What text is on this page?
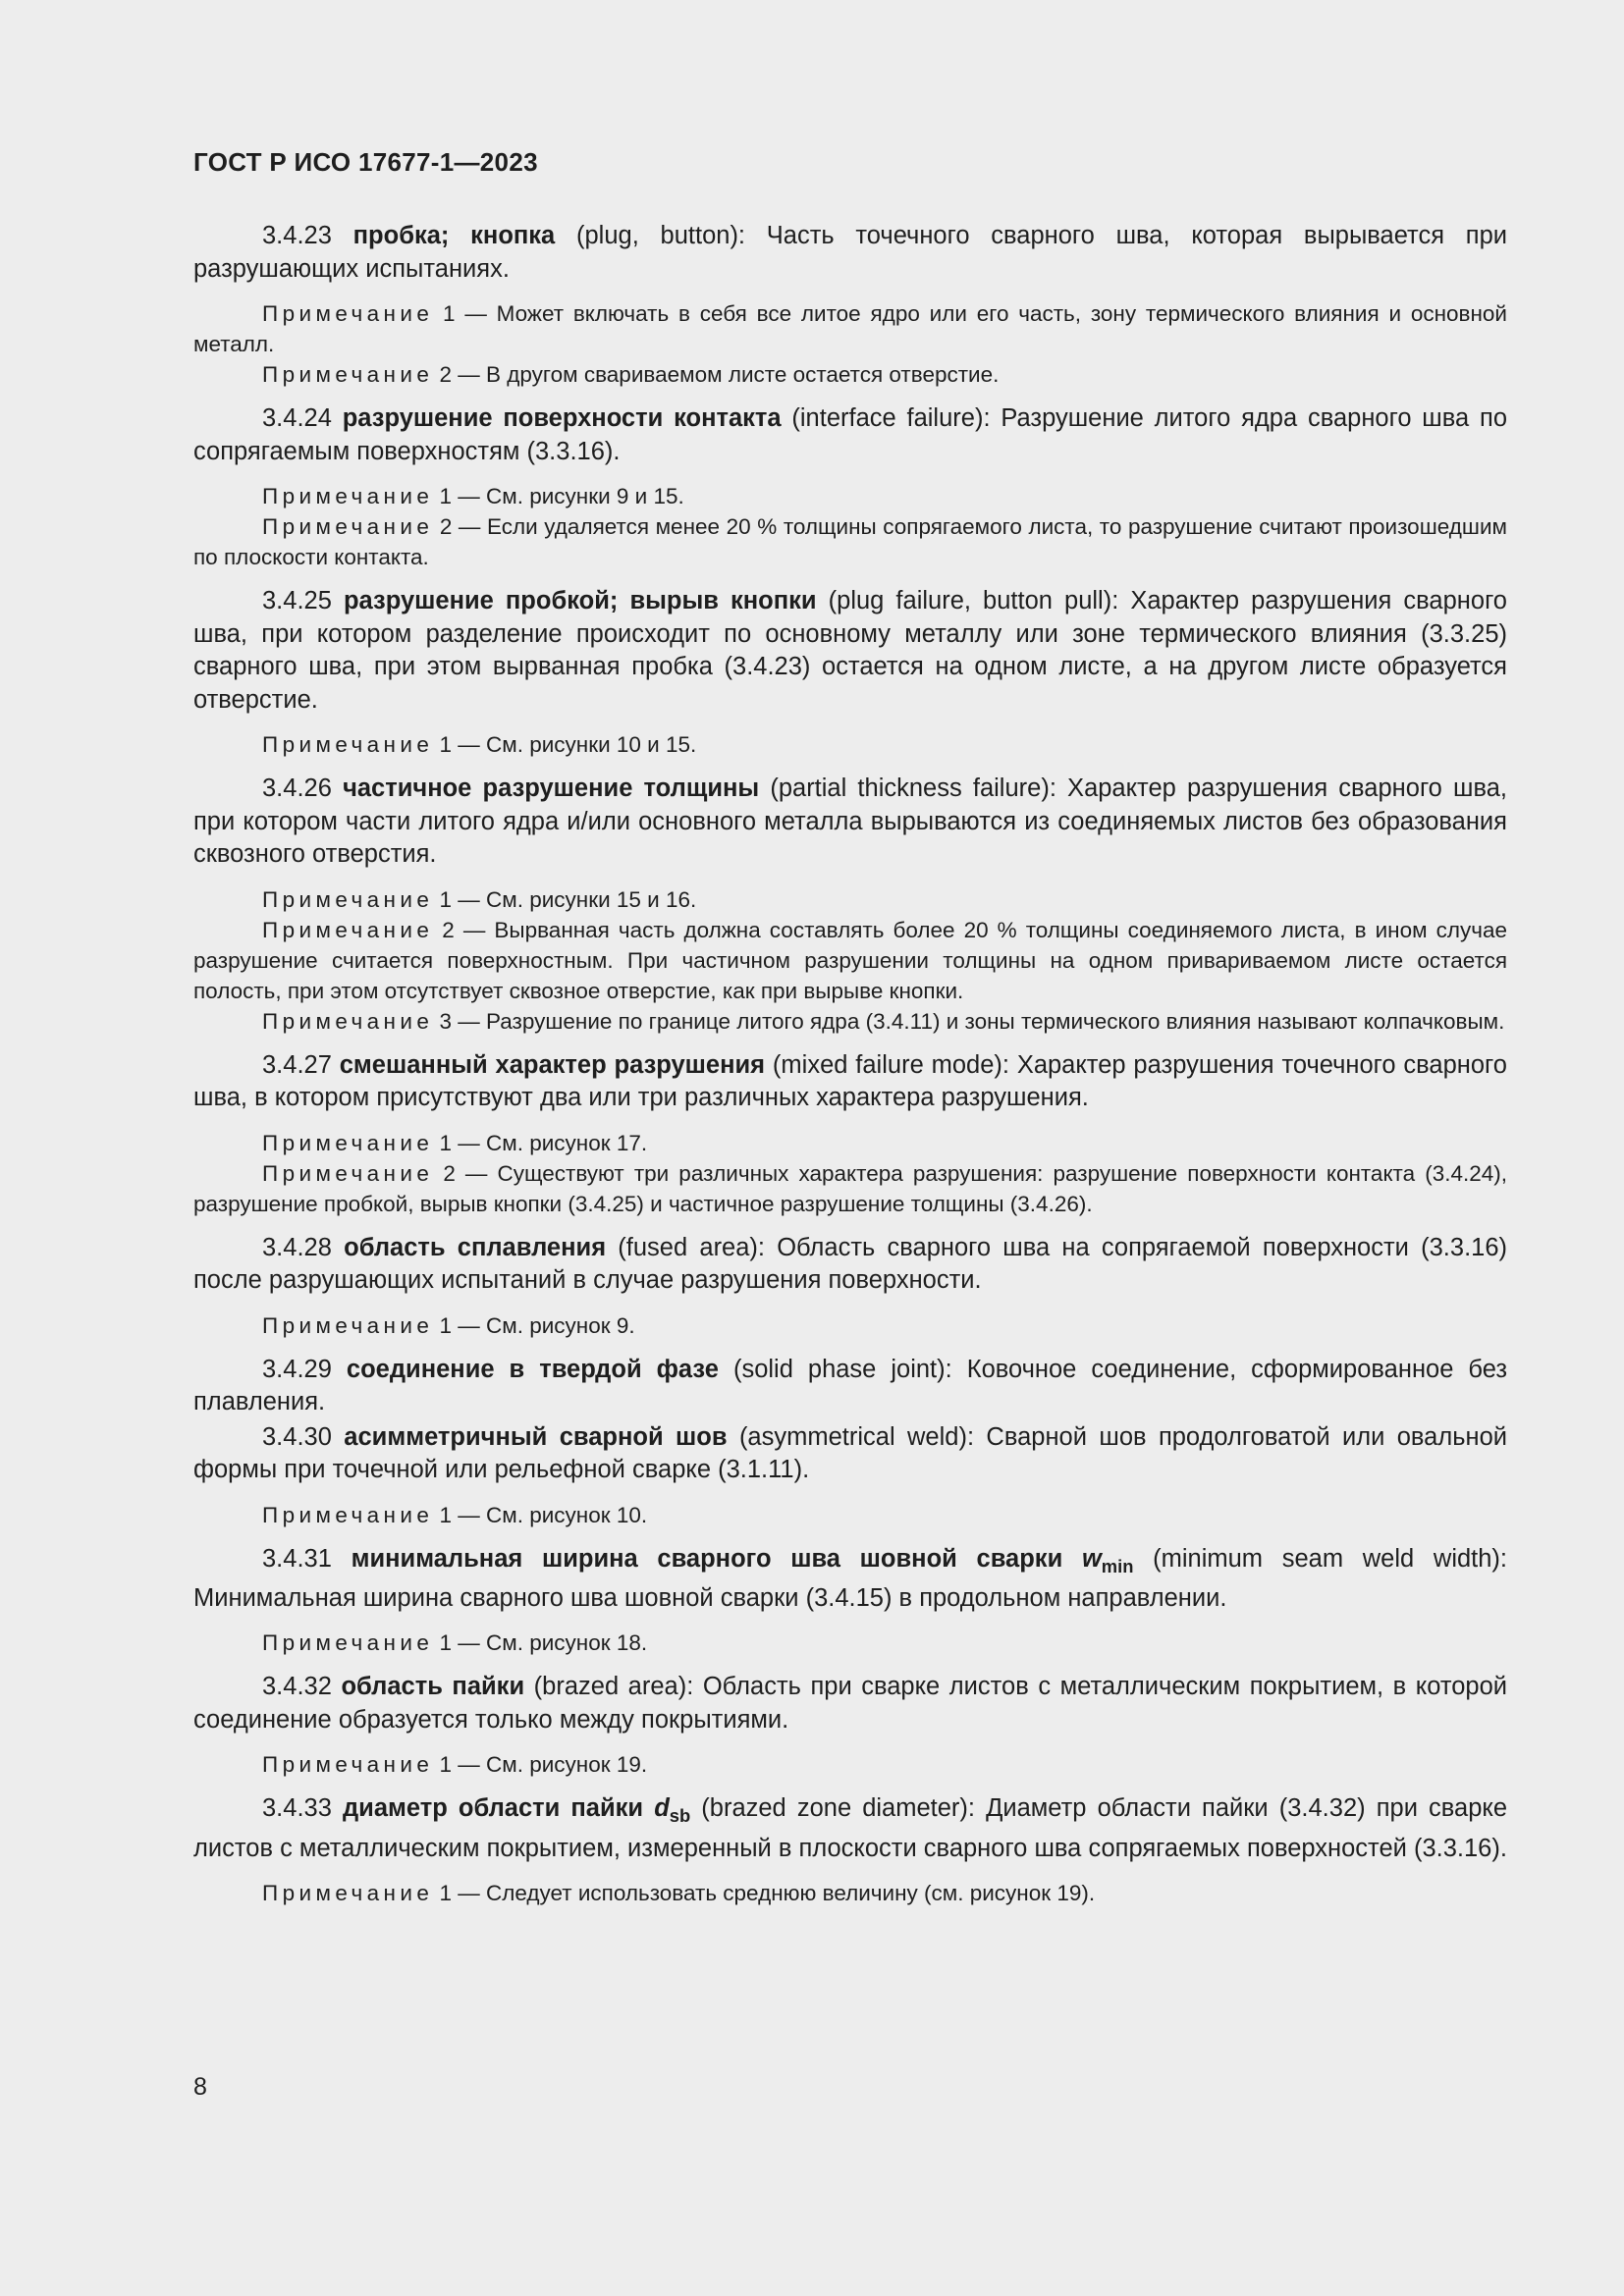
ГОСТ Р ИСО 17677-1—2023

3.4.23 пробка; кнопка (plug, button): Часть точечного сварного шва, которая вырывается при разрушающих испытаниях.

Примечание 1 — Может включать в себя все литое ядро или его часть, зону термического влияния и основной металл.

Примечание 2 — В другом свариваемом листе остается отверстие.

3.4.24 разрушение поверхности контакта (interface failure): Разрушение литого ядра сварного шва по сопрягаемым поверхностям (3.3.16).

Примечание 1 — См. рисунки 9 и 15.

Примечание 2 — Если удаляется менее 20 % толщины сопрягаемого листа, то разрушение считают произошедшим по плоскости контакта.

3.4.25 разрушение пробкой; вырыв кнопки (plug failure, button pull): Характер разрушения сварного шва, при котором разделение происходит по основному металлу или зоне термического влияния (3.3.25) сварного шва, при этом вырванная пробка (3.4.23) остается на одном листе, а на другом листе образуется отверстие.

Примечание 1 — См. рисунки 10 и 15.

3.4.26 частичное разрушение толщины (partial thickness failure): Характер разрушения сварного шва, при котором части литого ядра и/или основного металла вырываются из соединяемых листов без образования сквозного отверстия.

Примечание 1 — См. рисунки 15 и 16.

Примечание 2 — Вырванная часть должна составлять более 20 % толщины соединяемого листа, в ином случае разрушение считается поверхностным. При частичном разрушении толщины на одном привариваемом листе остается полость, при этом отсутствует сквозное отверстие, как при вырыве кнопки.

Примечание 3 — Разрушение по границе литого ядра (3.4.11) и зоны термического влияния называют колпачковым.

3.4.27 смешанный характер разрушения (mixed failure mode): Характер разрушения точечного сварного шва, в котором присутствуют два или три различных характера разрушения.

Примечание 1 — См. рисунок 17.

Примечание 2 — Существуют три различных характера разрушения: разрушение поверхности контакта (3.4.24), разрушение пробкой, вырыв кнопки (3.4.25) и частичное разрушение толщины (3.4.26).

3.4.28 область сплавления (fused area): Область сварного шва на сопрягаемой поверхности (3.3.16) после разрушающих испытаний в случае разрушения поверхности.

Примечание 1 — См. рисунок 9.

3.4.29 соединение в твердой фазе (solid phase joint): Ковочное соединение, сформированное без плавления.

3.4.30 асимметричный сварной шов (asymmetrical weld): Сварной шов продолговатой или овальной формы при точечной или рельефной сварке (3.1.11).

Примечание 1 — См. рисунок 10.

3.4.31 минимальная ширина сварного шва шовной сварки $w_{min}$ (minimum seam weld width): Минимальная ширина сварного шва шовной сварки (3.4.15) в продольном направлении.

Примечание 1 — См. рисунок 18.

3.4.32 область пайки (brazed area): Область при сварке листов с металлическим покрытием, в которой соединение образуется только между покрытиями.

Примечание 1 — См. рисунок 19.

3.4.33 диаметр области пайки $d_{sb}$ (brazed zone diameter): Диаметр области пайки (3.4.32) при сварке листов с металлическим покрытием, измеренный в плоскости сварного шва сопрягаемых поверхностей (3.3.16).

Примечание 1 — Следует использовать среднюю величину (см. рисунок 19).

8
